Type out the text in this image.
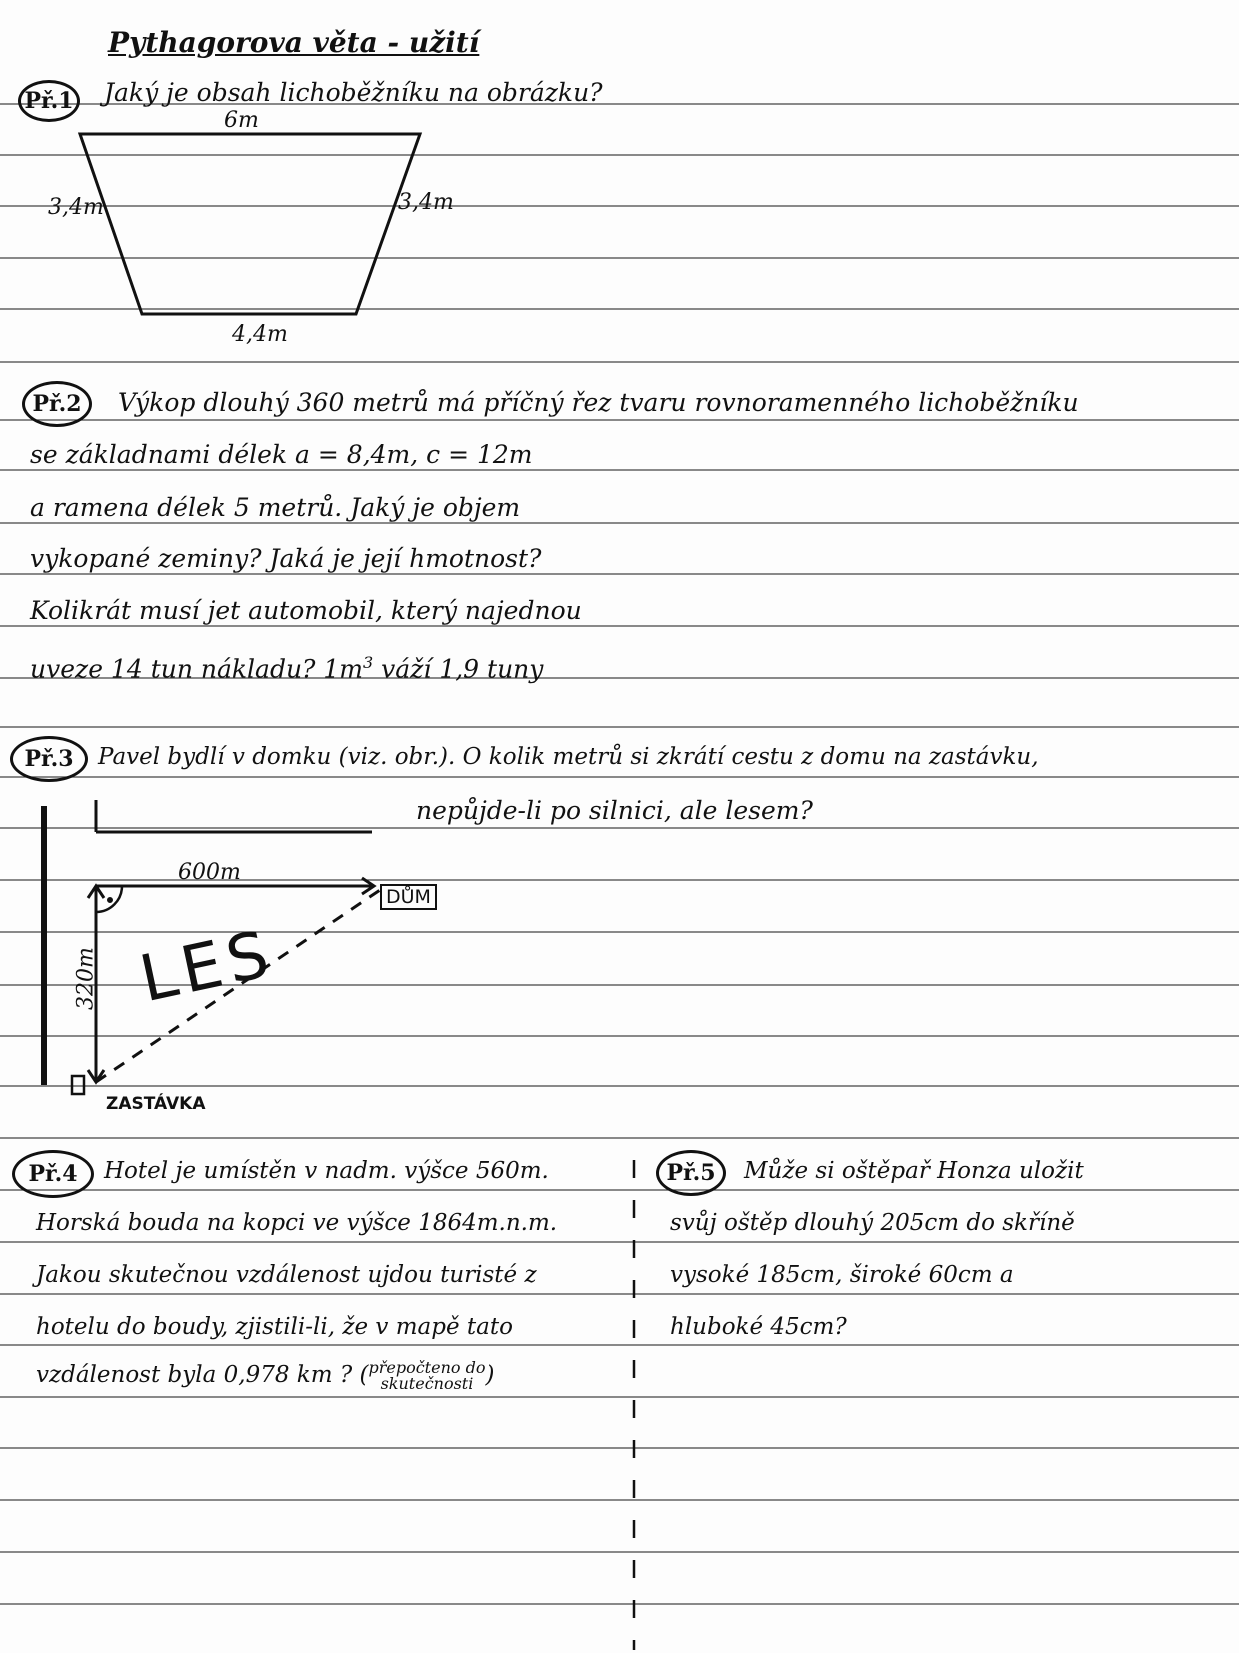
Pythagorova věta - užití
Př.1 Jaký je obsah lichoběžníku na obrázku?
6m
3,4m	3,4m
4,4m
Př.2	Výkop dlouhý 360 metrů má příčný řez tvaru rovnoramenného lichoběžníku
se základnami délek a = 8,4m, c = 12m
a ramena délek 5 metrů. Jaký je objem
vykopané zeminy? Jaká je její hmotnost?
Kolikrát musí jet automobil, který najednou
uveze 14 tun nákladu? $1m^3$ váží 1,9 tuny
Př.3	Pavel bydlí v domku (viz. obr.). O kolik metrů si zkrátí cestu z domu na zastávku,
nepůjde-li po silnici, ale lesem?
600m
320m
DŮM
LES
ZASTÁVKA
Př.4	Hotel je umístěn v nadm. výšce 560m.
Horská bouda na kopci ve výšce 1864m.n.m.
Jakou skutečnou vzdálenost ujdou turisté z
hotelu do boudy, zjistili-li, že v mapě tato
vzdálenost byla 0,978 km ? (přepočteno do
skutečnosti )
Př.5	Může si oštěpař Honza uložit
svůj oštěp dlouhý 205cm do skříně
vysoké 185cm, široké 60cm a
hluboké 45cm?
